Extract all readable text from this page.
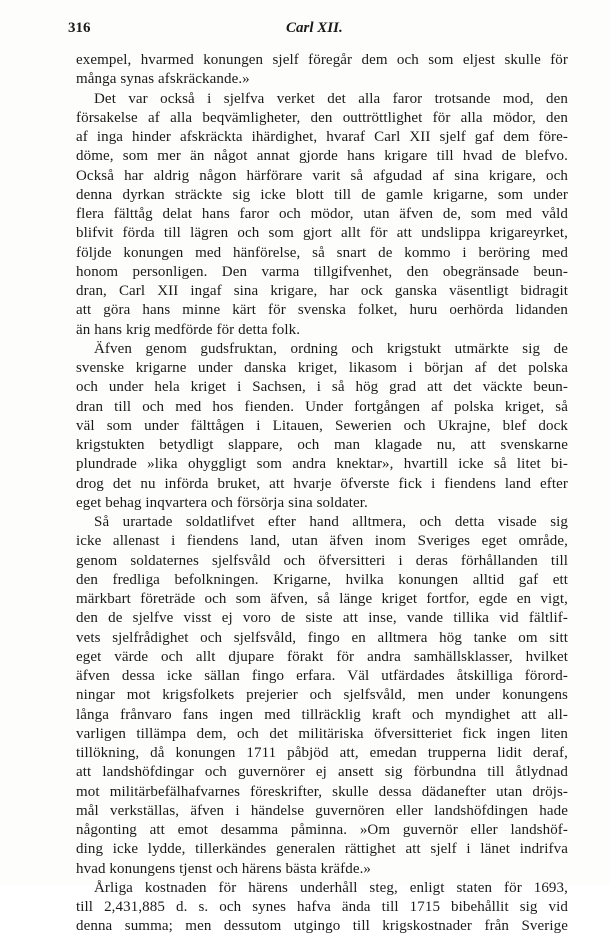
316	Carl XII.
exempel, hvarmed konungen sjelf föregår dem och som eljest skulle för
många synas afskräckande.»
Det var också i sjelfva verket det alla faror trotsande mod, den
försakelse af alla beqvämligheter, den outtröttlighet för alla mödor, den
af inga hinder afskräckta ihärdighet, hvaraf Carl XII sjelf gaf dem före-
döme, som mer än något annat gjorde hans krigare till hvad de blefvo.
Också har aldrig någon härförare varit så afgudad af sina krigare, och
denna dyrkan sträckte sig icke blott till de gamle krigarne, som under
flera fälttåg delat hans faror och mödor, utan äfven de, som med våld
blifvit förda till lägren och som gjort allt för att undslippa krigareyrket,
följde konungen med hänförelse, så snart de kommo i beröring med
honom personligen. Den varma tillgifvenhet, den obegränsade beun-
dran, Carl XII ingaf sina krigare, har ock ganska väsentligt bidragit
att göra hans minne kärt för svenska folket, huru oerhörda lidanden
än hans krig medförde för detta folk.
Äfven genom gudsfruktan, ordning och krigstukt utmärkte sig de
svenske krigarne under danska kriget, likasom i början af det polska
och under hela kriget i Sachsen, i så hög grad att det väckte beun-
dran till och med hos fienden. Under fortgången af polska kriget, så
väl som under fälttågen i Litauen, Sewerien och Ukrajne, blef dock
krigstukten betydligt slappare, och man klagade nu, att svenskarne
plundrade »lika ohyggligt som andra knektar», hvartill icke så litet bi-
drog det nu införda bruket, att hvarje öfverste fick i fiendens land efter
eget behag inqvartera och försörja sina soldater.
Så urartade soldatlifvet efter hand alltmera, och detta visade sig
icke allenast i fiendens land, utan äfven inom Sveriges eget område,
genom soldaternes sjelfsvåld och öfversitteri i deras förhållanden till
den fredliga befolkningen. Krigarne, hvilka konungen alltid gaf ett
märkbart företräde och som äfven, så länge kriget fortfor, egde en vigt,
den de sjelfve visst ej voro de siste att inse, vande tillika vid fältlif-
vets sjelfrådighet och sjelfsvåld, fingo en alltmera hög tanke om sitt
eget värde och allt djupare förakt för andra samhällsklasser, hvilket
äfven dessa icke sällan fingo erfara. Väl utfärdades åtskilliga förord-
ningar mot krigsfolkets prejerier och sjelfsvåld, men under konungens
långa frånvaro fans ingen med tillräcklig kraft och myndighet att all-
varligen tillämpa dem, och det militäriska öfversitteriet fick ingen liten
tillökning, då konungen 1711 påbjöd att, emedan trupperna lidit deraf,
att landshöfdingar och guvernörer ej ansett sig förbundna till åtlydnad
mot militärbefälhafvarnes föreskrifter, skulle dessa dädanefter utan dröjs-
mål verkställas, äfven i händelse guvernören eller landshöfdingen hade
någonting att emot desamma påminna. »Om guvernör eller landshöf-
ding icke lydde, tillerkändes generalen rättighet att sjelf i länet indrifva
hvad konungens tjenst och härens bästa kräfde.»
Årliga kostnaden för härens underhåll steg, enligt staten för 1693,
till 2,431,885 d. s. och synes hafva ända till 1715 bibehållit sig vid
denna summa; men dessutom utgingo till krigskostnader från Sverige
